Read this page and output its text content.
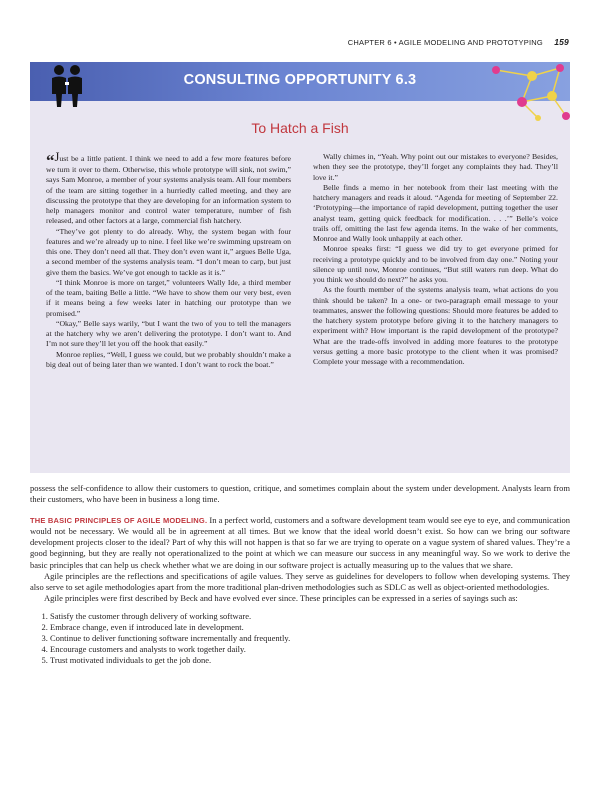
CHAPTER 6 • AGILE MODELING AND PROTOTYPING 159
CONSULTING OPPORTUNITY 6.3
To Hatch a Fish

“Just be a little patient. I think we need to add a few more features before we turn it over to them. Otherwise, this whole prototype will sink, not swim,” says Sam Monroe, a member of your systems analysis team. All four members of the team are sitting together in a hurriedly called meeting, and they are discussing the prototype that they are developing for an information system to help managers monitor and control water temperature, number of fish released, and other factors at a large, commercial fish hatchery.

“They’ve got plenty to do already. Why, the system began with four features and we’re already up to nine. I feel like we’re swimming upstream on this one. They don’t need all that. They don’t even want it,” argues Belle Uga, a second member of the systems analysis team. “I don’t mean to carp, but just give them the basics. We’ve got enough to tackle as it is.”

“I think Monroe is more on target,” volunteers Wally Ide, a third member of the team, baiting Belle a little. “We have to show them our very best, even if it means being a few weeks later in hatching our prototype than we promised.”

“Okay,” Belle says warily, “but I want the two of you to tell the managers at the hatchery why we aren’t delivering the prototype. I don’t want to. And I’m not sure they’ll let you off the hook that easily.”

Monroe replies, “Well, I guess we could, but we probably shouldn’t make a big deal out of being later than we wanted. I don’t want to rock the boat.”

Wally chimes in, “Yeah. Why point out our mistakes to everyone? Besides, when they see the prototype, they’ll forget any complaints they had. They’ll love it.”

Belle finds a memo in her notebook from their last meeting with the hatchery managers and reads it aloud. “Agenda for meeting of September 22. ‘Prototyping—the importance of rapid development, putting together the user analyst team, getting quick feedback for modification. . . .’” Belle’s voice trails off, omitting the last few agenda items. In the wake of her comments, Monroe and Wally look unhappily at each other.

Monroe speaks first: “I guess we did try to get everyone primed for receiving a prototype quickly and to be involved from day one.” Noting your silence up until now, Monroe continues, “But still waters run deep. What do you think we should do next?” he asks you.

As the fourth member of the systems analysis team, what actions do you think should be taken? In a one- or two-paragraph email message to your teammates, answer the following questions: Should more features be added to the hatchery system prototype before giving it to the hatchery managers to experiment with? How important is the rapid development of the prototype? What are the trade-offs involved in adding more features to the prototype versus getting a more basic prototype to the client when it was promised? Complete your message with a recommendation.

possess the self-confidence to allow their customers to question, critique, and sometimes complain about the system under development. Analysts learn from their customers, who have been in business a long time.

THE BASIC PRINCIPLES OF AGILE MODELING. In a perfect world, customers and a software development team would see eye to eye, and communication would not be necessary. We would all be in agreement at all times. But we know that the ideal world doesn’t exist. So how can we bring our software development projects closer to the ideal? Part of why this will not happen is that so far we are trying to operate on a vague system of shared values. They’re a good beginning, but they are really not operationalized to the point at which we can measure our success in any meaningful way. So we work to derive the basic principles that can help us check whether what we are doing in our software project is actually measuring up to the values that we share.

Agile principles are the reflections and specifications of agile values. They serve as guidelines for developers to follow when developing systems. They also serve to set agile methodologies apart from the more traditional plan-driven methodologies such as SDLC as well as object-oriented methodologies.

Agile principles were first described by Beck and have evolved ever since. These principles can be expressed in a series of sayings such as:

1. Satisfy the customer through delivery of working software.
2. Embrace change, even if introduced late in development.
3. Continue to deliver functioning software incrementally and frequently.
4. Encourage customers and analysts to work together daily.
5. Trust motivated individuals to get the job done.
